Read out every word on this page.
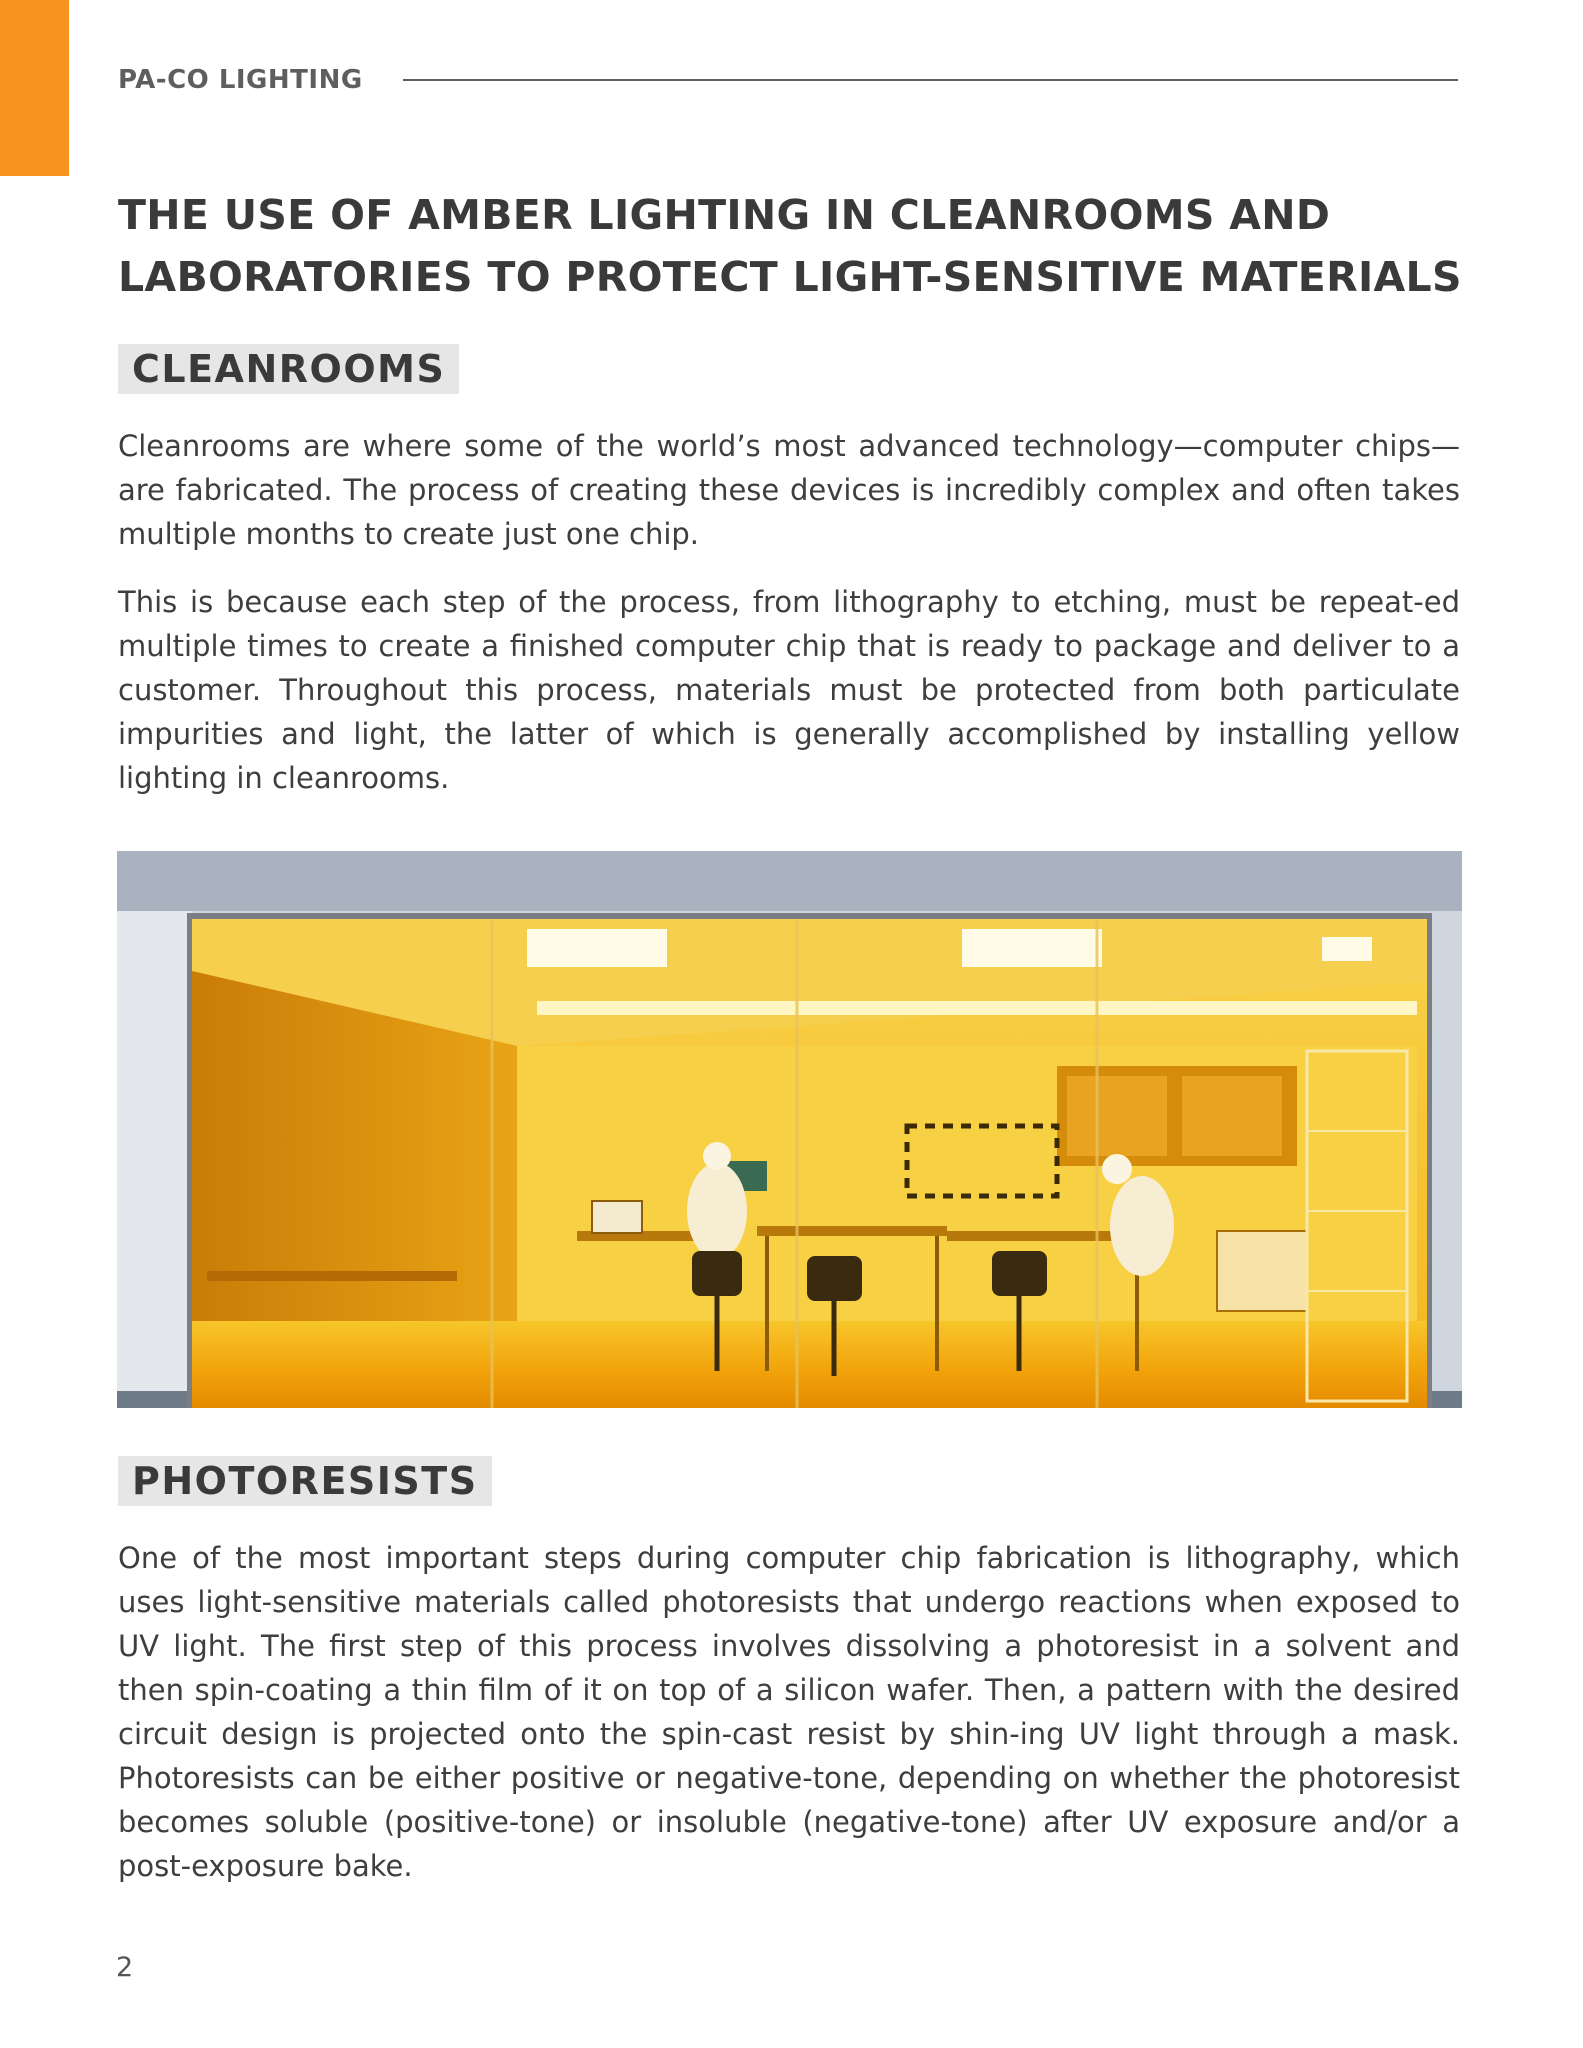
PA-CO LIGHTING
THE USE OF AMBER LIGHTING IN CLEANROOMS AND
LABORATORIES TO PROTECT LIGHT-SENSITIVE MATERIALS
CLEANROOMS

Cleanrooms are where some of the world’s most advanced technology—computer chips—are fabricated. The process of creating these devices is incredibly complex and often takes multiple months to create just one chip.

This is because each step of the process, from lithography to etching, must be repeat-ed multiple times to create a finished computer chip that is ready to package and deliver to a customer. Throughout this process, materials must be protected from both particulate impurities and light, the latter of which is generally accomplished by installing yellow lighting in cleanrooms.

PHOTORESISTS

One of the most important steps during computer chip fabrication is lithography, which uses light-sensitive materials called photoresists that undergo reactions when exposed to UV light. The first step of this process involves dissolving a photoresist in a solvent and then spin-coating a thin film of it on top of a silicon wafer. Then, a pattern with the desired circuit design is projected onto the spin-cast resist by shin-ing UV light through a mask. Photoresists can be either positive or negative-tone, depending on whether the photoresist becomes soluble (positive-tone) or insoluble (negative-tone) after UV exposure and/or a post-exposure bake.

2
